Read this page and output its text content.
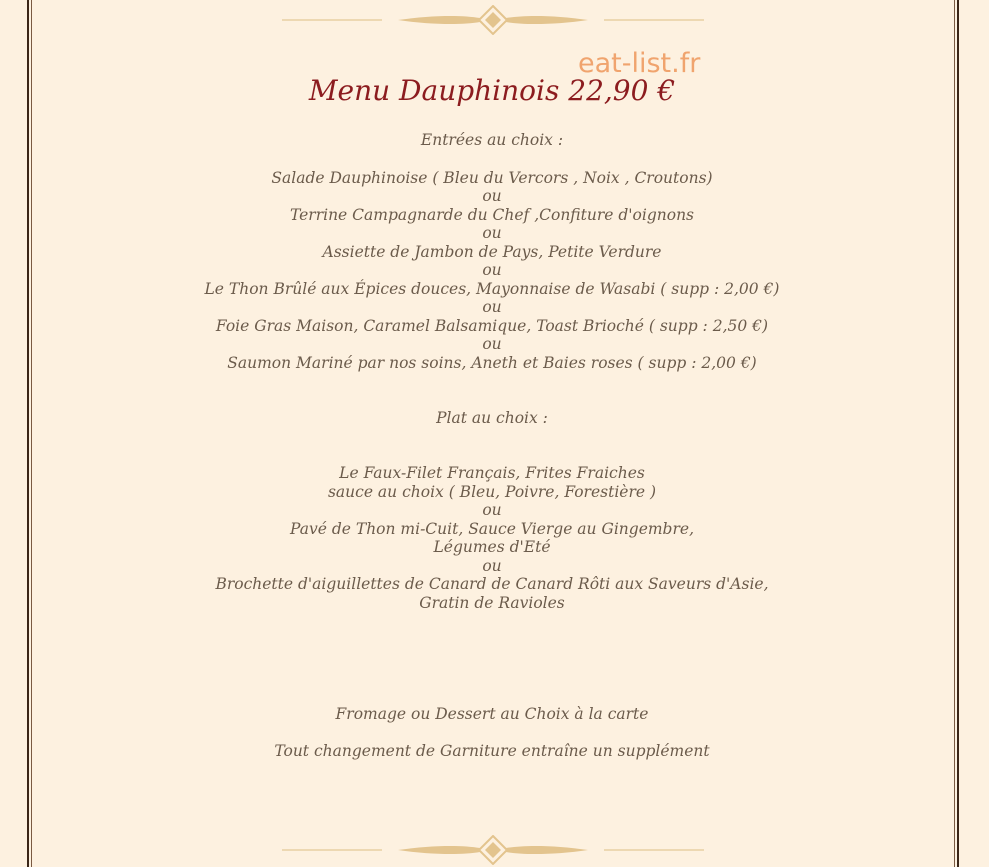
eat-list.fr
Menu Dauphinois 22,90 €
Entrées au choix :
Salade Dauphinoise ( Bleu du Vercors , Noix , Croutons)
ou
Terrine Campagnarde du Chef ,Confiture d'oignons
ou
Assiette de Jambon de Pays, Petite Verdure
ou
Le Thon Brûlé aux Épices douces, Mayonnaise de Wasabi ( supp : 2,00 €)
ou
Foie Gras Maison, Caramel Balsamique, Toast Brioché ( supp : 2,50 €)
ou
Saumon Mariné par nos soins, Aneth et Baies roses ( supp : 2,00 €)
Plat au choix :
Le Faux-Filet Français, Frites Fraiches
sauce au choix ( Bleu, Poivre, Forestière )
ou
Pavé de Thon mi-Cuit, Sauce Vierge au Gingembre,
Légumes d'Eté
ou
Brochette d'aiguillettes de Canard de Canard Rôti aux Saveurs d'Asie,
Gratin de Ravioles
Fromage ou Dessert au Choix à la carte
Tout changement de Garniture entraîne un supplément
